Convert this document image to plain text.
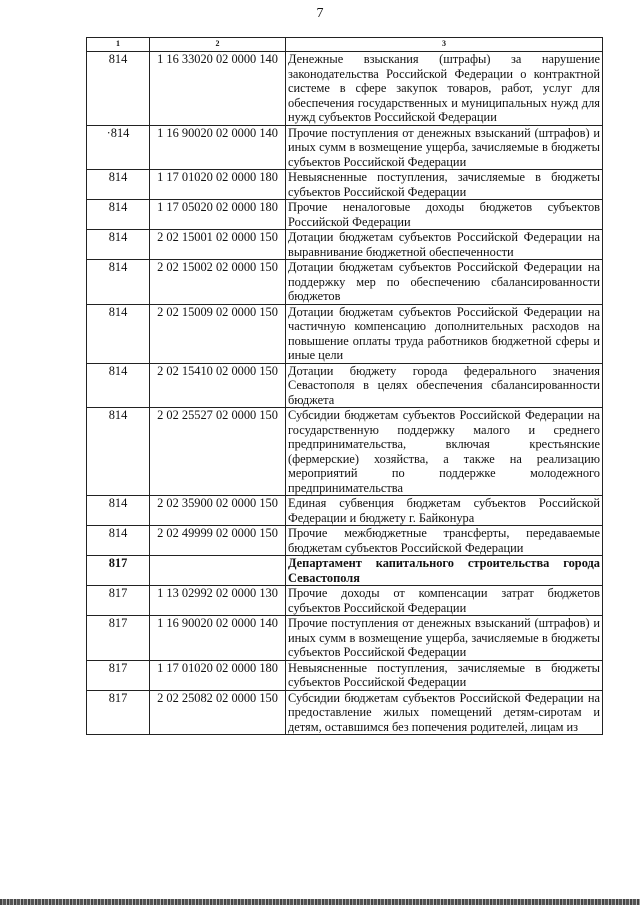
7
1	2	3
814	1 16 33020 02 0000 140	Денежные взыскания (штрафы) за нарушение законодательства Российской Федерации о контрактной системе в сфере закупок товаров, работ, услуг для обеспечения государственных и муниципальных нужд для нужд субъектов Российской Федерации
·814	1 16 90020 02 0000 140	Прочие поступления от денежных взысканий (штрафов) и иных сумм в возмещение ущерба, зачисляемые в бюджеты субъектов Российской Федерации
814	1 17 01020 02 0000 180	Невыясненные поступления, зачисляемые в бюджеты субъектов Российской Федерации
814	1 17 05020 02 0000 180	Прочие неналоговые доходы бюджетов субъектов Российской Федерации
814	2 02 15001 02 0000 150	Дотации бюджетам субъектов Российской Федерации на выравнивание бюджетной обеспеченности
814	2 02 15002 02 0000 150	Дотации бюджетам субъектов Российской Федерации на поддержку мер по обеспечению сбалансированности бюджетов
814	2 02 15009 02 0000 150	Дотации бюджетам субъектов Российской Федерации на частичную компенсацию дополнительных расходов на повышение оплаты труда работников бюджетной сферы и иные цели
814	2 02 15410 02 0000 150	Дотации бюджету города федерального значения Севастополя в целях обеспечения сбалансированности бюджета
814	2 02 25527 02 0000 150	Субсидии бюджетам субъектов Российской Федерации на государственную поддержку малого и среднего предпринимательства, включая крестьянские (фермерские) хозяйства, а также на реализацию мероприятий по поддержке молодежного предпринимательства
814	2 02 35900 02 0000 150	Единая субвенция бюджетам субъектов Российской Федерации и бюджету г. Байконура
814	2 02 49999 02 0000 150	Прочие межбюджетные трансферты, передаваемые бюджетам субъектов Российской Федерации
817		Департамент капитального строительства города Севастополя
817	1 13 02992 02 0000 130	Прочие доходы от компенсации затрат бюджетов субъектов Российской Федерации
817	1 16 90020 02 0000 140	Прочие поступления от денежных взысканий (штрафов) и иных сумм в возмещение ущерба, зачисляемые в бюджеты субъектов Российской Федерации
817	1 17 01020 02 0000 180	Невыясненные поступления, зачисляемые в бюджеты субъектов Российской Федерации
817	2 02 25082 02 0000 150	Субсидии бюджетам субъектов Российской Федерации на предоставление жилых помещений детям-сиротам и детям, оставшимся без попечения родителей, лицам из
